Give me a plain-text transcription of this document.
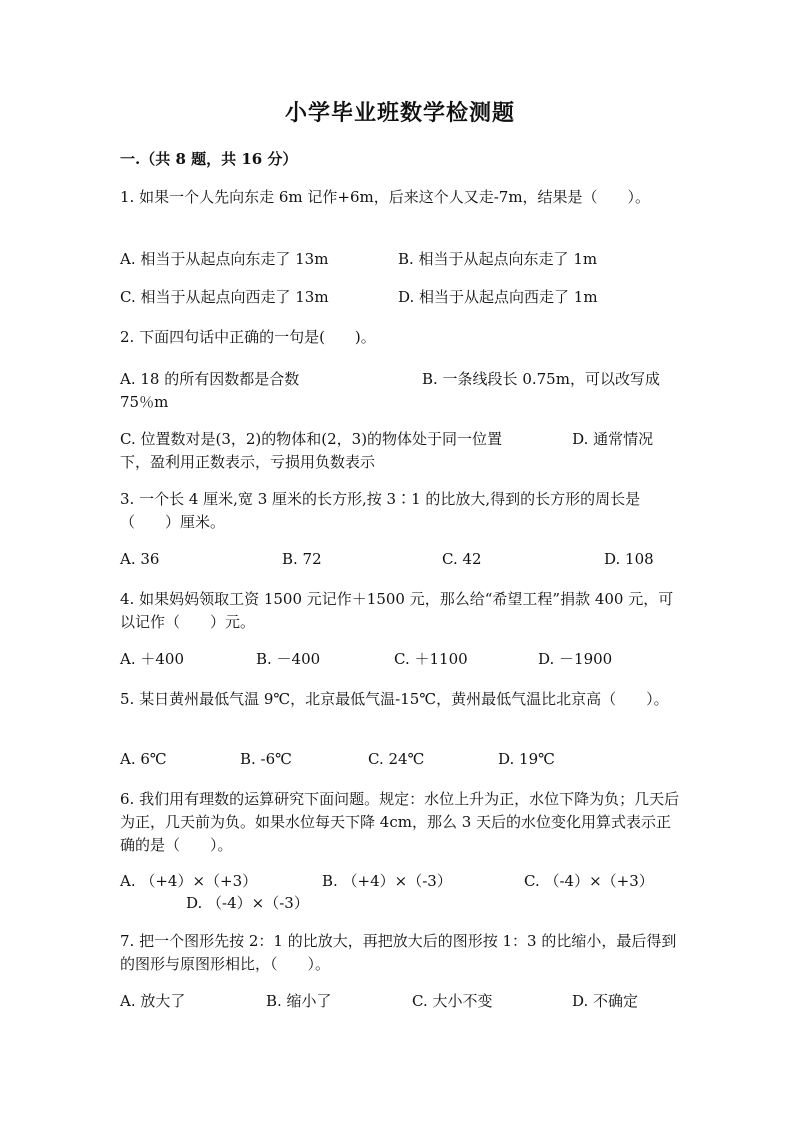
小学毕业班数学检测题
一.（共 8 题，共 16 分）
1. 如果一个人先向东走 6m 记作+6m，后来这个人又走-7m，结果是（　　）。
A. 相当于从起点向东走了 13m	B. 相当于从起点向东走了 1m
C. 相当于从起点向西走了 13m	D. 相当于从起点向西走了 1m
2. 下面四句话中正确的一句是(　　)。
A. 18 的所有因数都是合数	B. 一条线段长 0.75m，可以改写成 75％m
C. 位置数对是(3，2)的物体和(2，3)的物体处于同一位置	D. 通常情况下，盈利用正数表示，亏损用负数表示
3. 一个长 4 厘米,宽 3 厘米的长方形,按 3∶1 的比放大,得到的长方形的周长是（　　）厘米。
A. 36	B. 72	C. 42	D. 108
4. 如果妈妈领取工资 1500 元记作＋1500 元，那么给“希望工程”捐款 400 元，可以记作（　　）元。
A. ＋400	B. －400	C. ＋1100	D. －1900
5. 某日黄州最低气温 9℃，北京最低气温-15℃，黄州最低气温比北京高（　　）。
A. 6℃	B. -6℃	C. 24℃	D. 19℃
6. 我们用有理数的运算研究下面问题。规定：水位上升为正，水位下降为负；几天后为正，几天前为负。如果水位每天下降 4cm，那么 3 天后的水位变化用算式表示正确的是（　　）。
A. （+4）×（+3）	B. （+4）×（-3）	C. （-4）×（+3）
D. （-4）×（-3）
7. 把一个图形先按 2：1 的比放大，再把放大后的图形按 1：3 的比缩小，最后得到的图形与原图形相比，（　　）。
A. 放大了	B. 缩小了	C. 大小不变	D. 不确定
